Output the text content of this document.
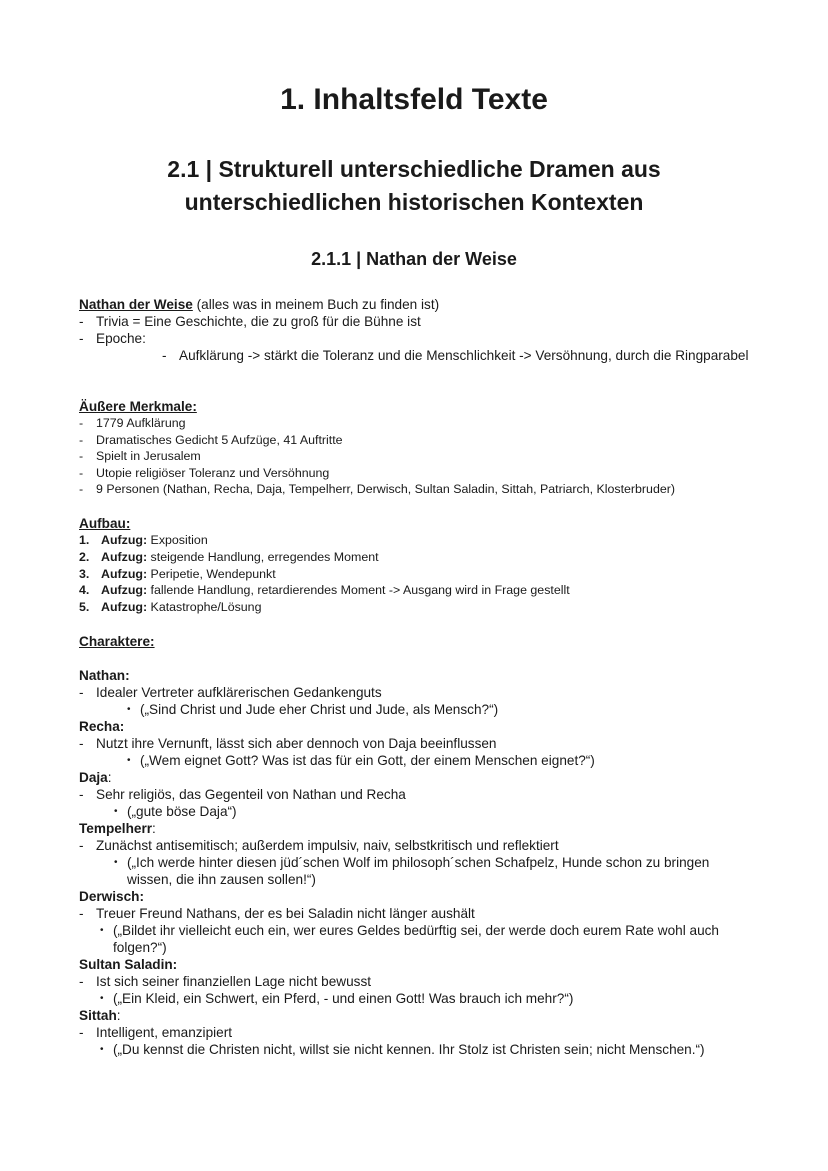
1. Inhaltsfeld Texte
2.1 | Strukturell unterschiedliche Dramen aus unterschiedlichen historischen Kontexten
2.1.1 | Nathan der Weise
Nathan der Weise (alles was in meinem Buch zu finden ist)
- Trivia = Eine Geschichte, die zu groß für die Bühne ist
- Epoche:
- Aufklärung -> stärkt die Toleranz und die Menschlichkeit -> Versöhnung, durch die Ringparabel
Äußere Merkmale:
- 1779 Aufklärung
- Dramatisches Gedicht 5 Aufzüge, 41 Auftritte
- Spielt in Jerusalem
- Utopie religiöser Toleranz und Versöhnung
- 9 Personen (Nathan, Recha, Daja, Tempelherr, Derwisch, Sultan Saladin, Sittah, Patriarch, Klosterbruder)
Aufbau:
1. Aufzug: Exposition
2. Aufzug: steigende Handlung, erregendes Moment
3. Aufzug: Peripetie, Wendepunkt
4. Aufzug: fallende Handlung, retardierendes Moment -> Ausgang wird in Frage gestellt
5. Aufzug: Katastrophe/Lösung
Charaktere:
Nathan:
- Idealer Vertreter aufklärerischen Gedankenguts
• („Sind Christ und Jude eher Christ und Jude, als Mensch?“)
Recha:
- Nutzt ihre Vernunft, lässt sich aber dennoch von Daja beeinflussen
• („Wem eignet Gott? Was ist das für ein Gott, der einem Menschen eignet?“)
Daja:
- Sehr religiös, das Gegenteil von Nathan und Recha
• („gute böse Daja“)
Tempelherr:
- Zunächst antisemitisch; außerdem impulsiv, naiv, selbstkritisch und reflektiert
• („Ich werde hinter diesen jüd´schen Wolf im philosoph´schen Schafpelz, Hunde schon zu bringen wissen, die ihn zausen sollen!“)
Derwisch:
- Treuer Freund Nathans, der es bei Saladin nicht länger aushält
• („Bildet ihr vielleicht euch ein, wer eures Geldes bedürftig sei, der werde doch eurem Rate wohl auch folgen?“)
Sultan Saladin:
- Ist sich seiner finanziellen Lage nicht bewusst
• („Ein Kleid, ein Schwert, ein Pferd, - und einen Gott! Was brauch ich mehr?“)
Sittah:
- Intelligent, emanzipiert
• („Du kennst die Christen nicht, willst sie nicht kennen. Ihr Stolz ist Christen sein; nicht Menschen.“)
